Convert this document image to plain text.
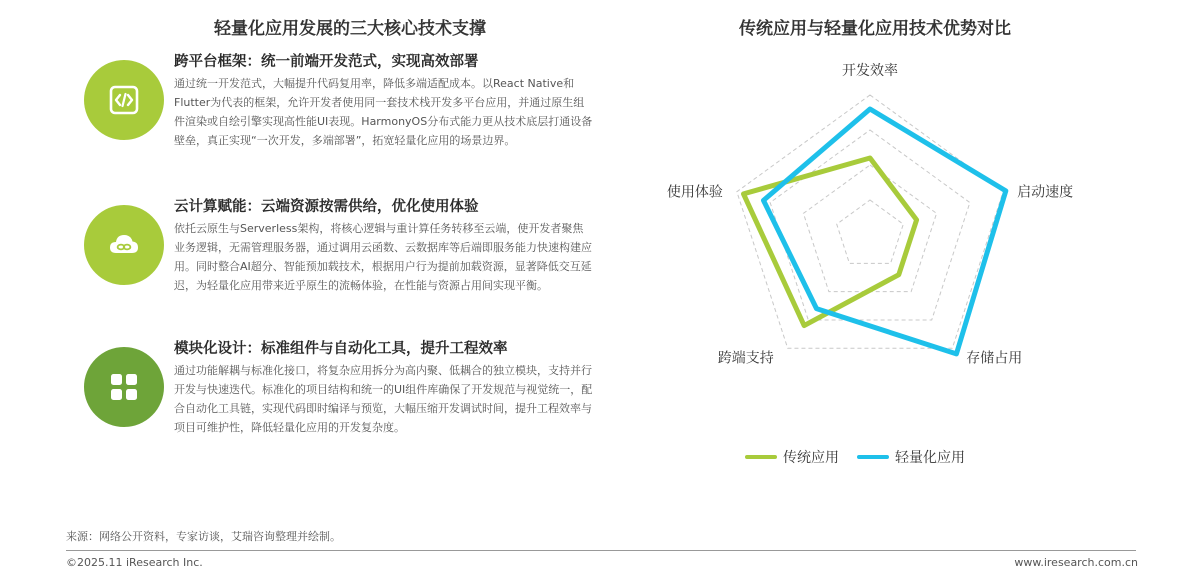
轻量化应用发展的三大核心技术支撑
跨平台框架：统一前端开发范式，实现高效部署
通过统一开发范式，大幅提升代码复用率，降低多端适配成本。以React Native和Flutter为代表的框架，允许开发者使用同一套技术栈开发多平台应用，并通过原生组件渲染或自绘引擎实现高性能UI表现。HarmonyOS分布式能力更从技术底层打通设备壁垒，真正实现“一次开发，多端部署”，拓宽轻量化应用的场景边界。
云计算赋能：云端资源按需供给，优化使用体验
依托云原生与Serverless架构，将核心逻辑与重计算任务转移至云端，使开发者聚焦业务逻辑，无需管理服务器，通过调用云函数、云数据库等后端即服务能力快速构建应用。同时整合AI超分、智能预加载技术，根据用户行为提前加载资源，显著降低交互延迟，为轻量化应用带来近乎原生的流畅体验，在性能与资源占用间实现平衡。
模块化设计：标准组件与自动化工具，提升工程效率
通过功能解耦与标准化接口，将复杂应用拆分为高内聚、低耦合的独立模块，支持并行开发与快速迭代。标准化的项目结构和统一的UI组件库确保了开发规范与视觉统一，配合自动化工具链，实现代码即时编译与预览，大幅压缩开发调试时间，提升工程效率与项目可维护性，降低轻量化应用的开发复杂度。
传统应用与轻量化应用技术优势对比
开发效率
启动速度
存储占用
跨端支持
使用体验
传统应用	轻量化应用
来源：网络公开资料，专家访谈，艾瑞咨询整理并绘制。
©2025.11 iResearch Inc.	www.iresearch.com.cn
